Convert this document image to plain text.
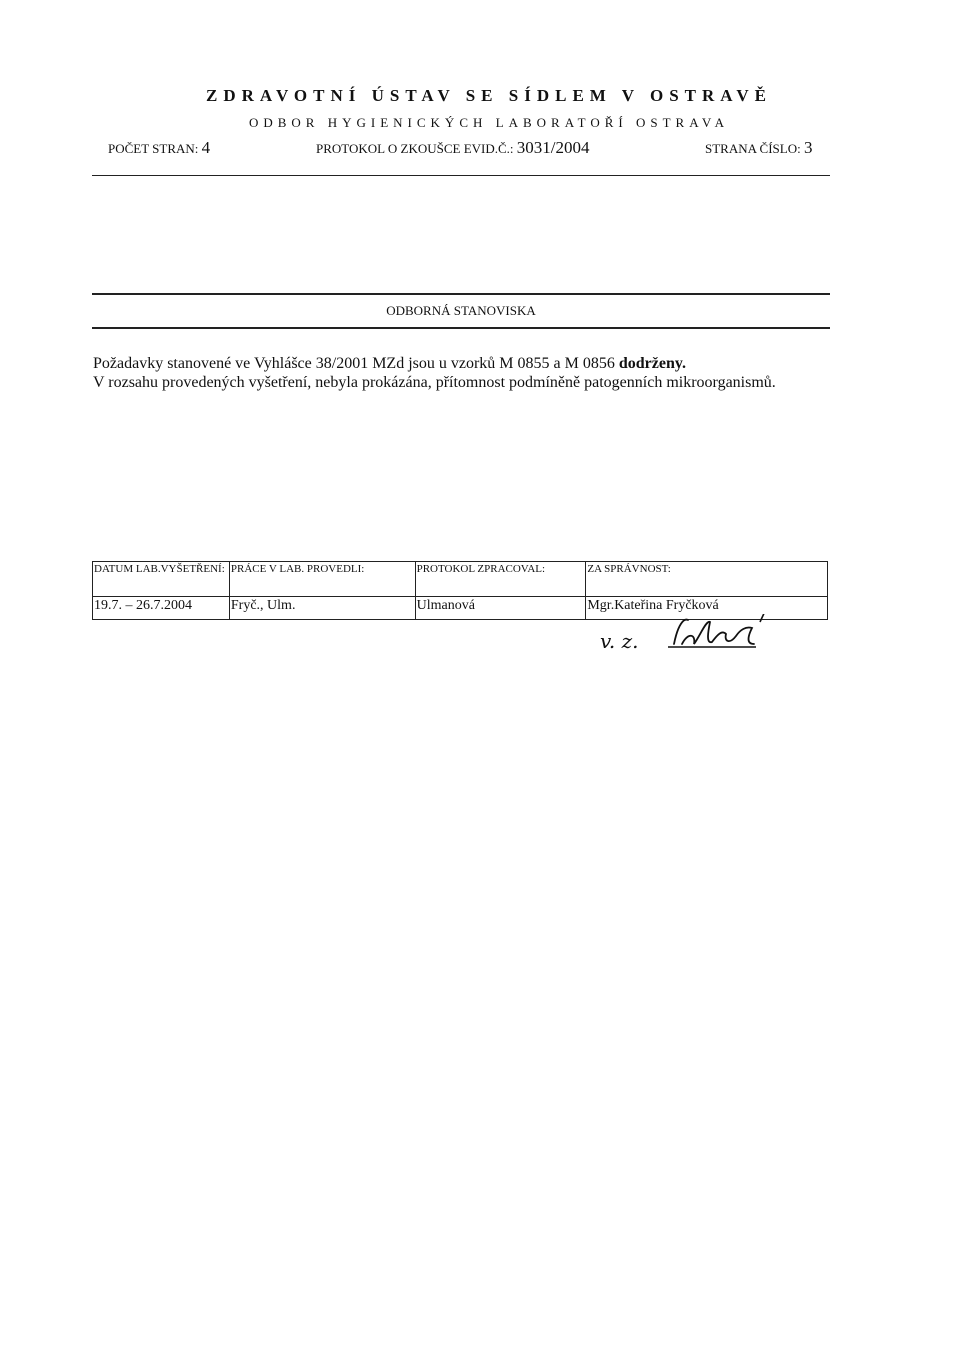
ZDRAVOTNÍ ÚSTAV SE SÍDLEM V OSTRAVĚ
ODBOR HYGIENICKÝCH LABORATOŘÍ OSTRAVA
POČET STRAN: 4	PROTOKOL O ZKOUŠCE EVID.Č.: 3031/2004	STRANA ČÍSLO: 3
ODBORNÁ STANOVISKA

Požadavky stanovené ve Vyhlášce 38/2001 MZd jsou u vzorků M 0855 a M 0856 dodrženy.

V rozsahu provedených vyšetření, nebyla prokázána, přítomnost podmíněně patogenních mikroorganismů.

DATUM LAB.VYŠETŘENÍ:	PRÁCE V LAB. PROVEDLI:	PROTOKOL ZPRACOVAL:	ZA SPRÁVNOST:
19.7. – 26.7.2004	Fryč., Ulm.	Ulmanová	Mgr.Kateřina Fryčková
v. z.
